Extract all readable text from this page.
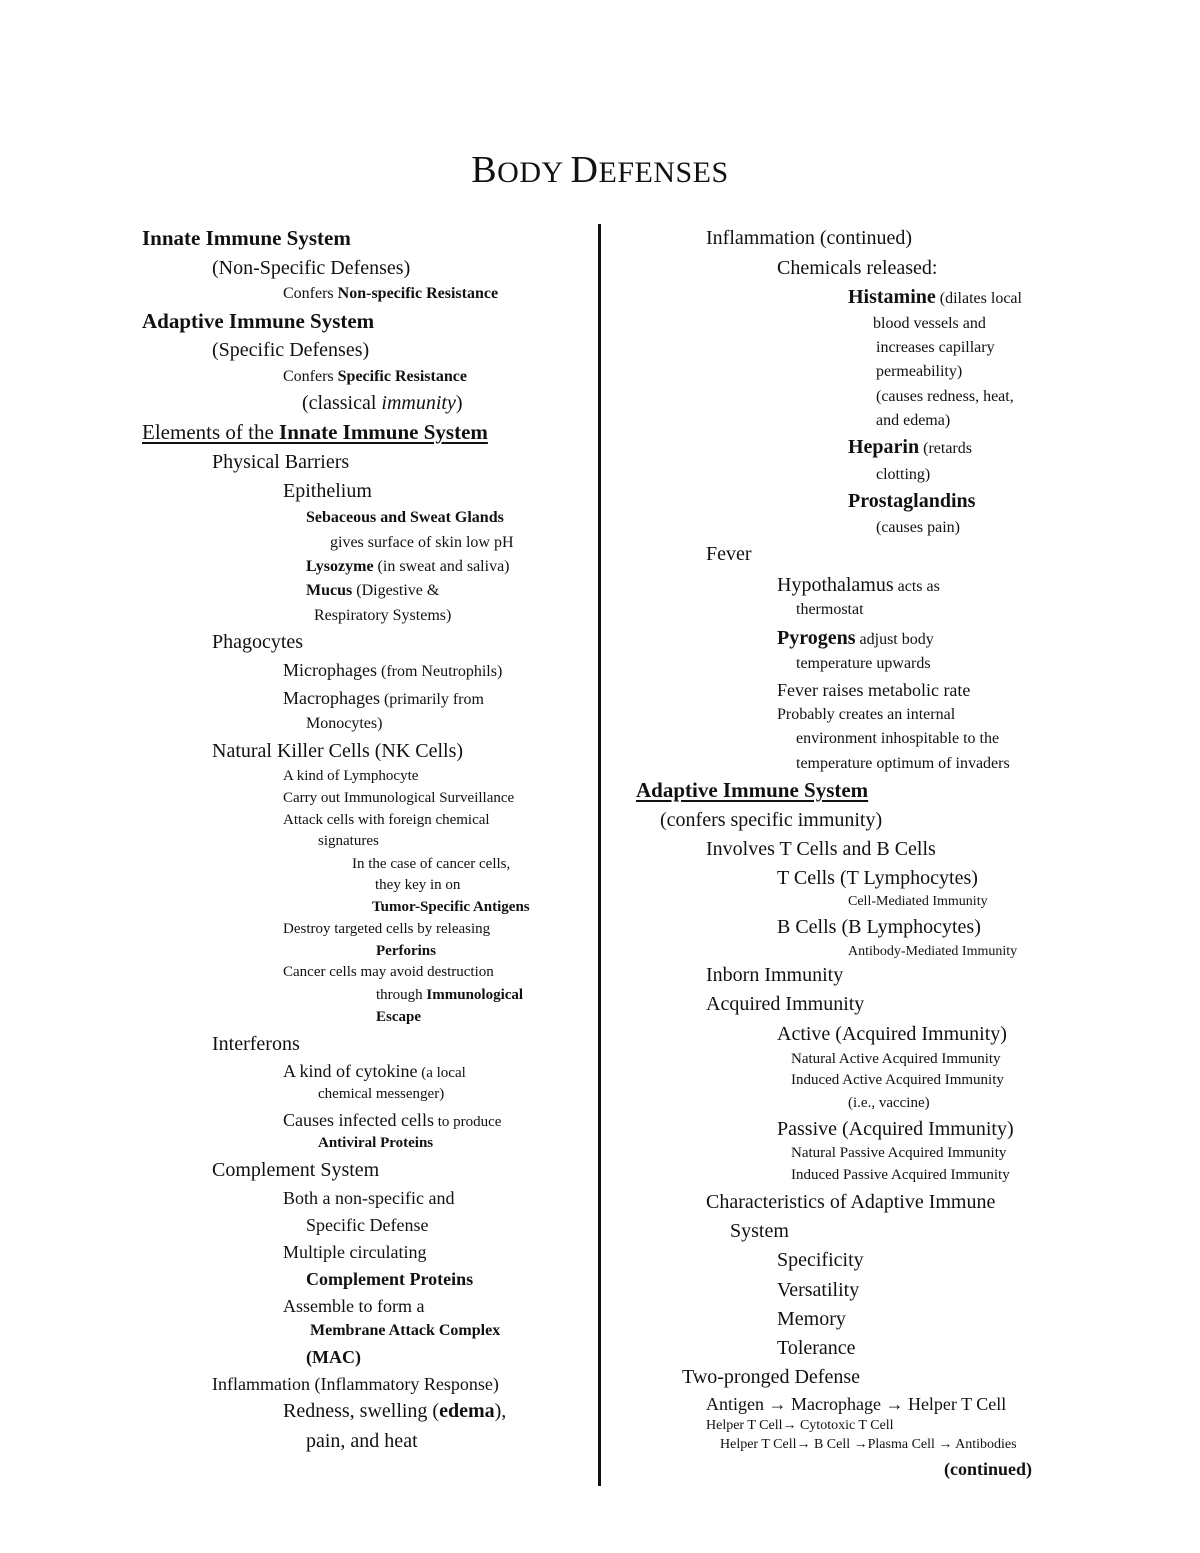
BODY DEFENSES
Innate Immune System
(Non-Specific Defenses)
Confers Non-specific Resistance
Adaptive Immune System
(Specific Defenses)
Confers Specific Resistance
(classical immunity)
Elements of the Innate Immune System
Physical Barriers
Epithelium
Sebaceous and Sweat Glands
gives surface of skin low pH
Lysozyme (in sweat and saliva)
Mucus (Digestive &
Respiratory Systems)
Phagocytes
Microphages (from Neutrophils)
Macrophages (primarily from
Monocytes)
Natural Killer Cells (NK Cells)
A kind of Lymphocyte
Carry out Immunological Surveillance
Attack cells with foreign chemical
signatures
In the case of cancer cells,
they key in on
Tumor-Specific Antigens
Destroy targeted cells by releasing
Perforins
Cancer cells may avoid destruction
through Immunological
Escape
Interferons
A kind of cytokine (a local
chemical messenger)
Causes infected cells to produce
Antiviral Proteins
Complement System
Both a non-specific and
Specific Defense
Multiple circulating
Complement Proteins
Assemble to form a
Membrane Attack Complex
(MAC)
Inflammation (Inflammatory Response)
Redness, swelling (edema),
pain, and heat
Inflammation (continued)
Chemicals released:
Histamine (dilates local
blood vessels and
increases capillary
permeability)
(causes redness, heat,
and edema)
Heparin (retards
clotting)
Prostaglandins
(causes pain)
Fever
Hypothalamus acts as
thermostat
Pyrogens adjust body
temperature upwards
Fever raises metabolic rate
Probably creates an internal
environment inhospitable to the
temperature optimum of invaders
Adaptive Immune System
(confers specific immunity)
Involves T Cells and B Cells
T Cells (T Lymphocytes)
Cell-Mediated Immunity
B Cells (B Lymphocytes)
Antibody-Mediated Immunity
Inborn Immunity
Acquired Immunity
Active (Acquired Immunity)
Natural Active Acquired Immunity
Induced Active Acquired Immunity
(i.e., vaccine)
Passive (Acquired Immunity)
Natural Passive Acquired Immunity
Induced Passive Acquired Immunity
Characteristics of Adaptive Immune
System
Specificity
Versatility
Memory
Tolerance
Two-pronged Defense
Antigen → Macrophage → Helper T Cell
Helper T Cell→ Cytotoxic T Cell
Helper T Cell→ B Cell →Plasma Cell → Antibodies
(continued)
